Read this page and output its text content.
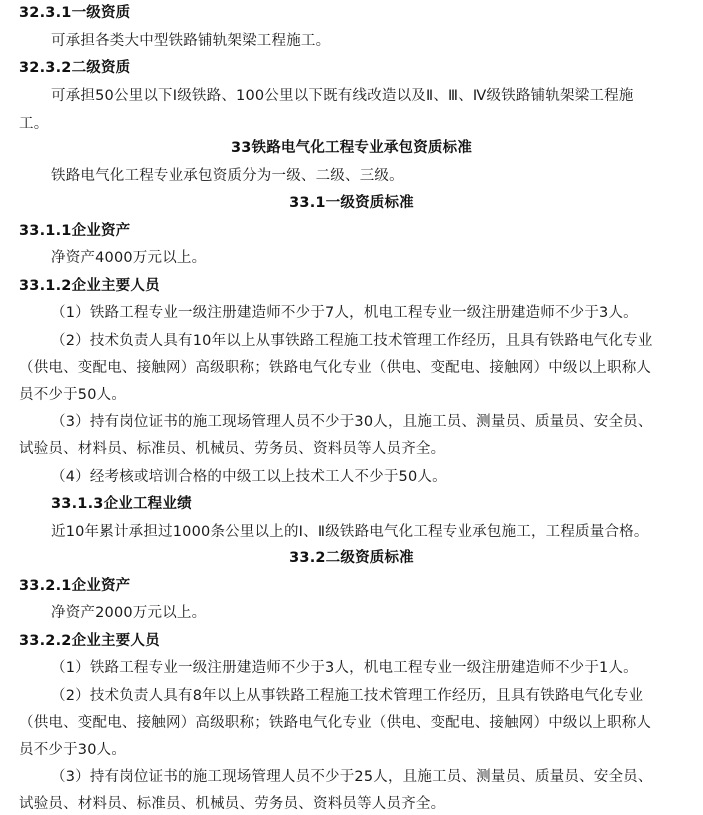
32.3.1一级资质
可承担各类大中型铁路铺轨架梁工程施工。
32.3.2二级资质
可承担50公里以下Ⅰ级铁路、100公里以下既有线改造以及Ⅱ、Ⅲ、Ⅳ级铁路铺轨架梁工程施
工。
33铁路电气化工程专业承包资质标准
铁路电气化工程专业承包资质分为一级、二级、三级。
33.1一级资质标准
33.1.1企业资产
净资产4000万元以上。
33.1.2企业主要人员
（1）铁路工程专业一级注册建造师不少于7人，机电工程专业一级注册建造师不少于3人。
（2）技术负责人具有10年以上从事铁路工程施工技术管理工作经历，且具有铁路电气化专业
（供电、变配电、接触网）高级职称；铁路电气化专业（供电、变配电、接触网）中级以上职称人
员不少于50人。
（3）持有岗位证书的施工现场管理人员不少于30人，且施工员、测量员、质量员、安全员、
试验员、材料员、标准员、机械员、劳务员、资料员等人员齐全。
（4）经考核或培训合格的中级工以上技术工人不少于50人。
33.1.3企业工程业绩
近10年累计承担过1000条公里以上的Ⅰ、Ⅱ级铁路电气化工程专业承包施工，工程质量合格。
33.2二级资质标准
33.2.1企业资产
净资产2000万元以上。
33.2.2企业主要人员
（1）铁路工程专业一级注册建造师不少于3人，机电工程专业一级注册建造师不少于1人。
（2）技术负责人具有8年以上从事铁路工程施工技术管理工作经历，且具有铁路电气化专业
（供电、变配电、接触网）高级职称；铁路电气化专业（供电、变配电、接触网）中级以上职称人
员不少于30人。
（3）持有岗位证书的施工现场管理人员不少于25人，且施工员、测量员、质量员、安全员、
试验员、材料员、标准员、机械员、劳务员、资料员等人员齐全。
